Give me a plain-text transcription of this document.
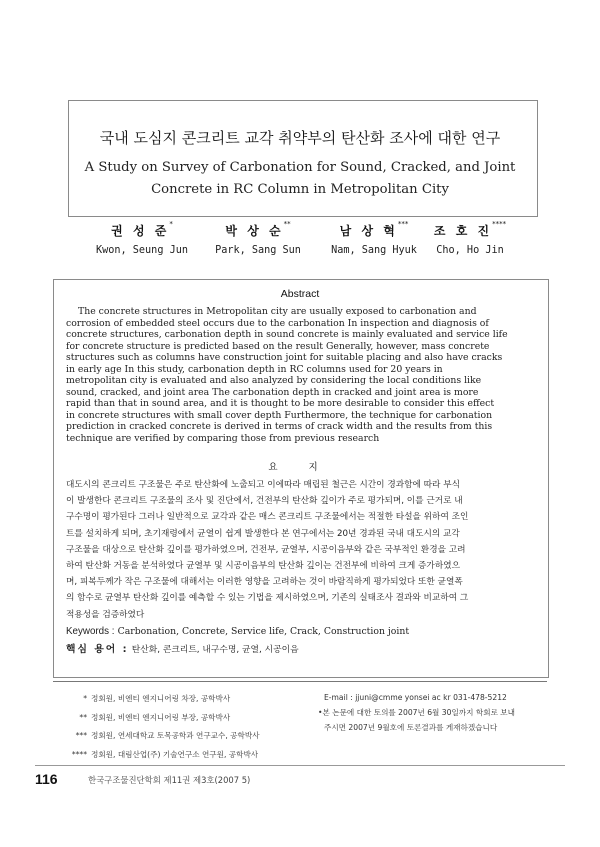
국내 도심지 콘크리트 교각 취약부의 탄산화 조사에 대한 연구
A Study on Survey of Carbonation for Sound, Cracked, and Joint
Concrete in RC Column in Metropolitan City
권 성 준*
Kwon, Seung Jun
박 상 순**
Park, Sang Sun
남 상 혁***
Nam, Sang Hyuk
조 호 진****
Cho, Ho Jin
Abstract
The concrete structures in Metropolitan city are usually exposed to carbonation and
corrosion of embedded steel occurs due to the carbonation In inspection and diagnosis of
concrete structures, carbonation depth in sound concrete is mainly evaluated and service life
for concrete structure is predicted based on the result Generally, however, mass concrete
structures such as columns have construction joint for suitable placing and also have cracks
in early age In this study, carbonation depth in RC columns used for 20 years in
metropolitan city is evaluated and also analyzed by considering the local conditions like
sound, cracked, and joint area The carbonation depth in cracked and joint area is more
rapid than that in sound area, and it is thought to be more desirable to consider this effect
in concrete structures with small cover depth Furthermore, the technique for carbonation
prediction in cracked concrete is derived in terms of crack width and the results from this
technique are verified by comparing those from previous research
요 지
대도시의 콘크리트 구조물은 주로 탄산화에 노출되고 이에따라 매립된 철근은 시간이 경과함에 따라 부식
이 발생한다 콘크리트 구조물의 조사 및 진단에서, 건전부의 탄산화 깊이가 주로 평가되며, 이를 근거로 내
구수명이 평가된다 그러나 일반적으로 교각과 같은 매스 콘크리트 구조물에서는 적절한 타설을 위하여 조인
트를 설치하게 되며, 초기재령에서 균열이 쉽게 발생한다 본 연구에서는 20년 경과된 국내 대도시의 교각
구조물을 대상으로 탄산화 깊이를 평가하였으며, 건전부, 균열부, 시공이음부와 같은 국부적인 환경을 고려
하여 탄산화 거동을 분석하였다 균열부 및 시공이음부의 탄산화 깊이는 건전부에 비하여 크게 증가하였으
며, 피복두께가 작은 구조물에 대해서는 이러한 영향을 고려하는 것이 바람직하게 평가되었다 또한 균열폭
의 함수로 균열부 탄산화 깊이를 예측할 수 있는 기법을 제시하였으며, 기존의 실태조사 결과와 비교하여 그
적용성을 검증하였다
Keywords : Carbonation, Concrete, Service life, Crack, Construction joint
핵심 용어 : 탄산화, 콘크리트, 내구수명, 균열, 시공이음
* 정회원, 비엔티 엔지니어링 차장, 공학박사
** 정회원, 비엔티 엔지니어링 부장, 공학박사
*** 정회원, 연세대학교 토목공학과 연구교수, 공학박사
**** 정회원, 대림산업(주) 기술연구소 연구원, 공학박사
E-mail : jjuni@cmme yonsei ac kr 031-478-5212
•본 논문에 대한 토의를 2007년 6월 30일까지 학회로 보내
주시면 2007년 9월호에 토론결과를 게재하겠습니다
116	한국구조물진단학회 제11권 제3호(2007 5)
